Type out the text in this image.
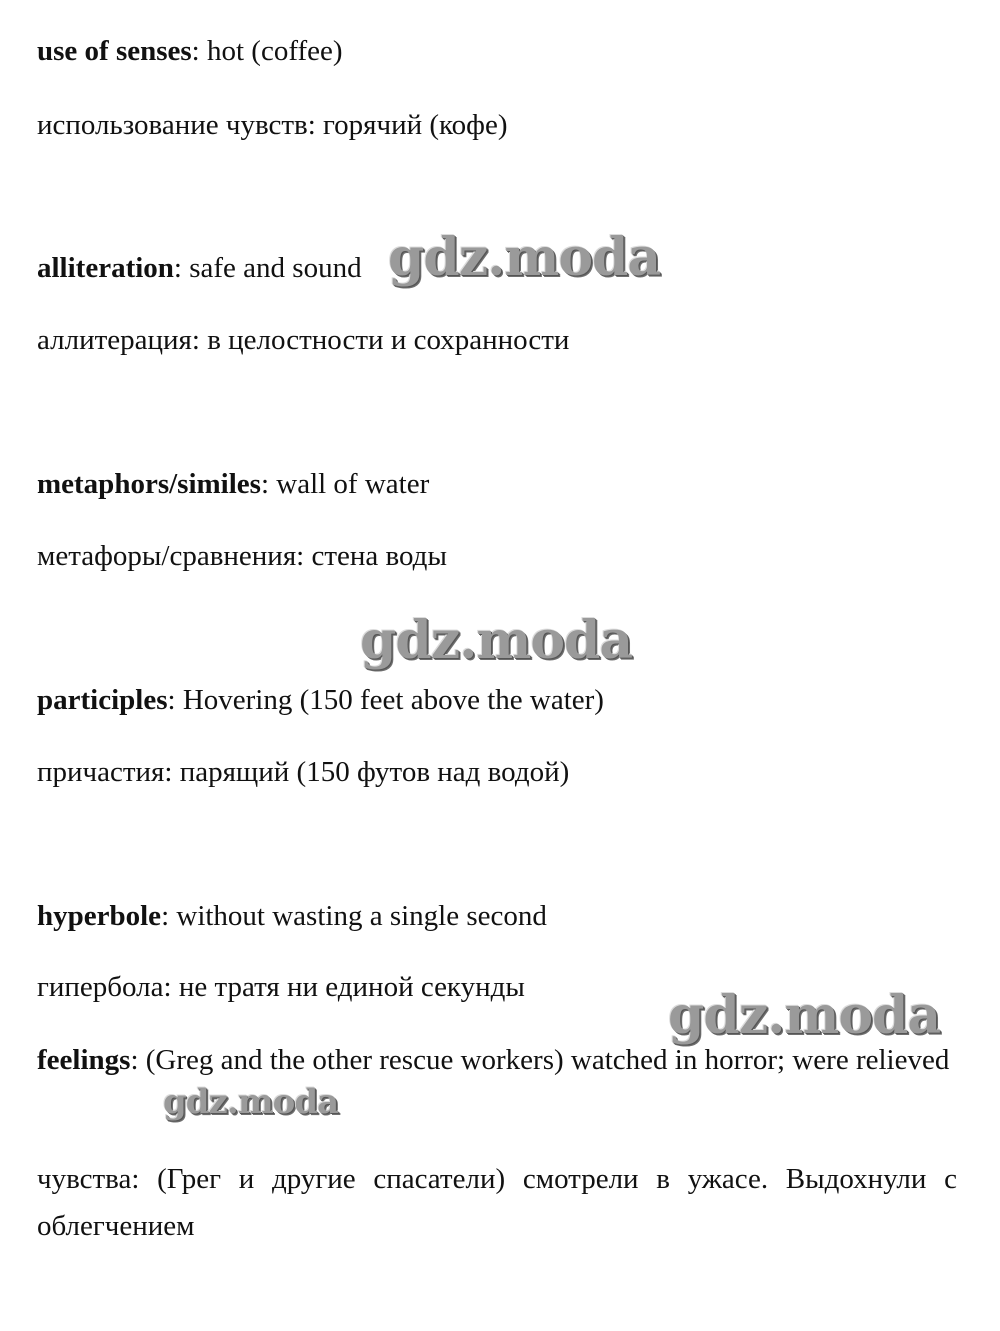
use of senses: hot (coffee)

использование чувств: горячий (кофе)

alliteration: safe and sound

аллитерация: в целостности и сохранности

metaphors/similes: wall of water

метафоры/сравнения: стена воды

participles: Hovering (150 feet above the water)

причастия: парящий (150 футов над водой)

hyperbole: without wasting a single second

гипербола: не тратя ни единой секунды

feelings: (Greg and the other rescue workers) watched in horror; were relieved

чувства: (Грег и другие спасатели) смотрели в ужасе. Выдохнули с облегчением

gdz.moda
gdz.moda
gdz.moda
gdz.moda
